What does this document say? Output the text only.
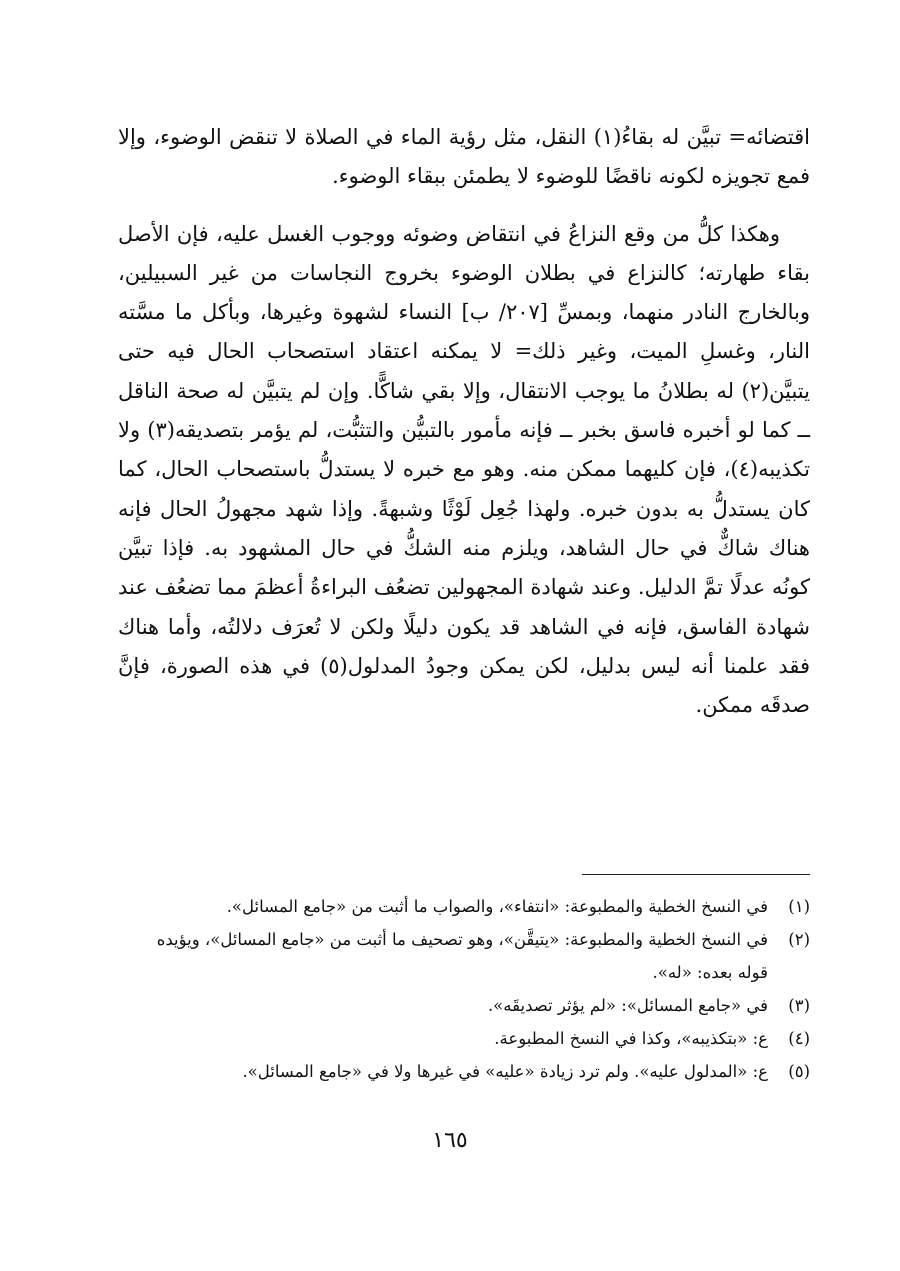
اقتضائه= تبيَّن له بقاءُ(١) النقل، مثل رؤية الماء في الصلاة لا تنقض الوضوء، وإلا فمع تجويزه لكونه ناقضًا للوضوء لا يطمئن ببقاء الوضوء.

وهكذا كلُّ من وقع النزاعُ في انتقاض وضوئه ووجوب الغسل عليه، فإن الأصل بقاء طهارته؛ كالنزاع في بطلان الوضوء بخروج النجاسات من غير السبيلين، وبالخارج النادر منهما، وبمسِّ [٢٠٧/ ب] النساء لشهوة وغيرها، وبأكل ما مسَّته النار، وغسلِ الميت، وغير ذلك= لا يمكنه اعتقاد استصحاب الحال فيه حتى يتبيَّن(٢) له بطلانُ ما يوجب الانتقال، وإلا بقي شاكًّا. وإن لم يتبيَّن له صحة الناقل ــ كما لو أخبره فاسق بخبر ــ فإنه مأمور بالتبيُّن والتثبُّت، لم يؤمر بتصديقه(٣) ولا تكذيبه(٤)، فإن كليهما ممكن منه. وهو مع خبره لا يستدلُّ باستصحاب الحال، كما كان يستدلُّ به بدون خبره. ولهذا جُعِل لَوْثًا وشبهةً. وإذا شهد مجهولُ الحال فإنه هناك شاكٌّ في حال الشاهد، ويلزم منه الشكُّ في حال المشهود به. فإذا تبيَّن كونُه عدلًا تمَّ الدليل. وعند شهادة المجهولين تضعُف البراءةُ أعظمَ مما تضعُف عند شهادة الفاسق، فإنه في الشاهد قد يكون دليلًا ولكن لا تُعرَف دلالتُه، وأما هناك فقد علمنا أنه ليس بدليل، لكن يمكن وجودُ المدلول(٥) في هذه الصورة، فإنَّ صدقَه ممكن.

(١)
في النسخ الخطية والمطبوعة: «انتفاء»، والصواب ما أثبت من «جامع المسائل».
(٢)
في النسخ الخطية والمطبوعة: «يتيقَّن»، وهو تصحيف ما أثبت من «جامع المسائل»، ويؤيده قوله بعده: «له».
(٣)
في «جامع المسائل»: «لم يؤثر تصديقَه».
(٤)
ع: «بتكذيبه»، وكذا في النسخ المطبوعة.
(٥)
ع: «المدلول عليه». ولم ترد زيادة «عليه» في غيرها ولا في «جامع المسائل».
١٦٥
